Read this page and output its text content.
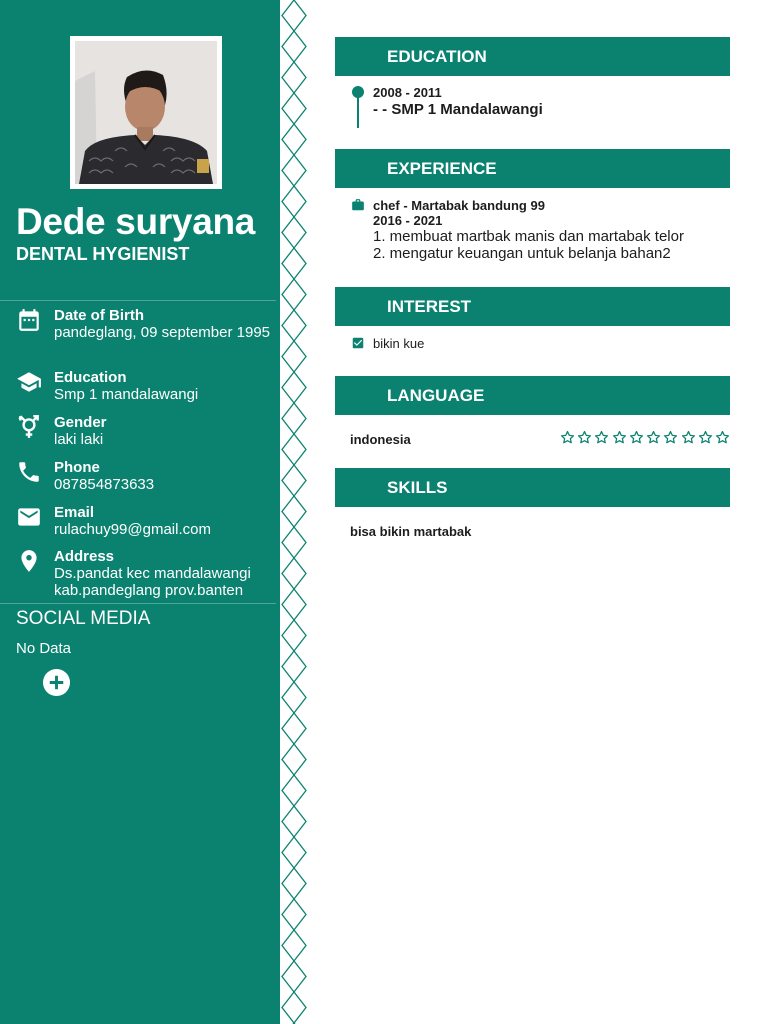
Dede suryana
DENTAL HYGIENIST
Date of Birth
pandeglang, 09 september 1995
Education
Smp 1 mandalawangi
Gender
laki laki
Phone
087854873633
Email
rulachuy99@gmail.com
Address
Ds.pandat kec mandalawangi kab.pandeglang prov.banten
SOCIAL MEDIA
No Data
EDUCATION
2008 - 2011
- - SMP 1 Mandalawangi
EXPERIENCE
chef - Martabak bandung 99
2016 - 2021
1. membuat martbak manis dan martabak telor
2. mengatur keuangan untuk belanja bahan2
INTEREST
bikin kue
LANGUAGE
indonesia
SKILLS
bisa bikin martabak
